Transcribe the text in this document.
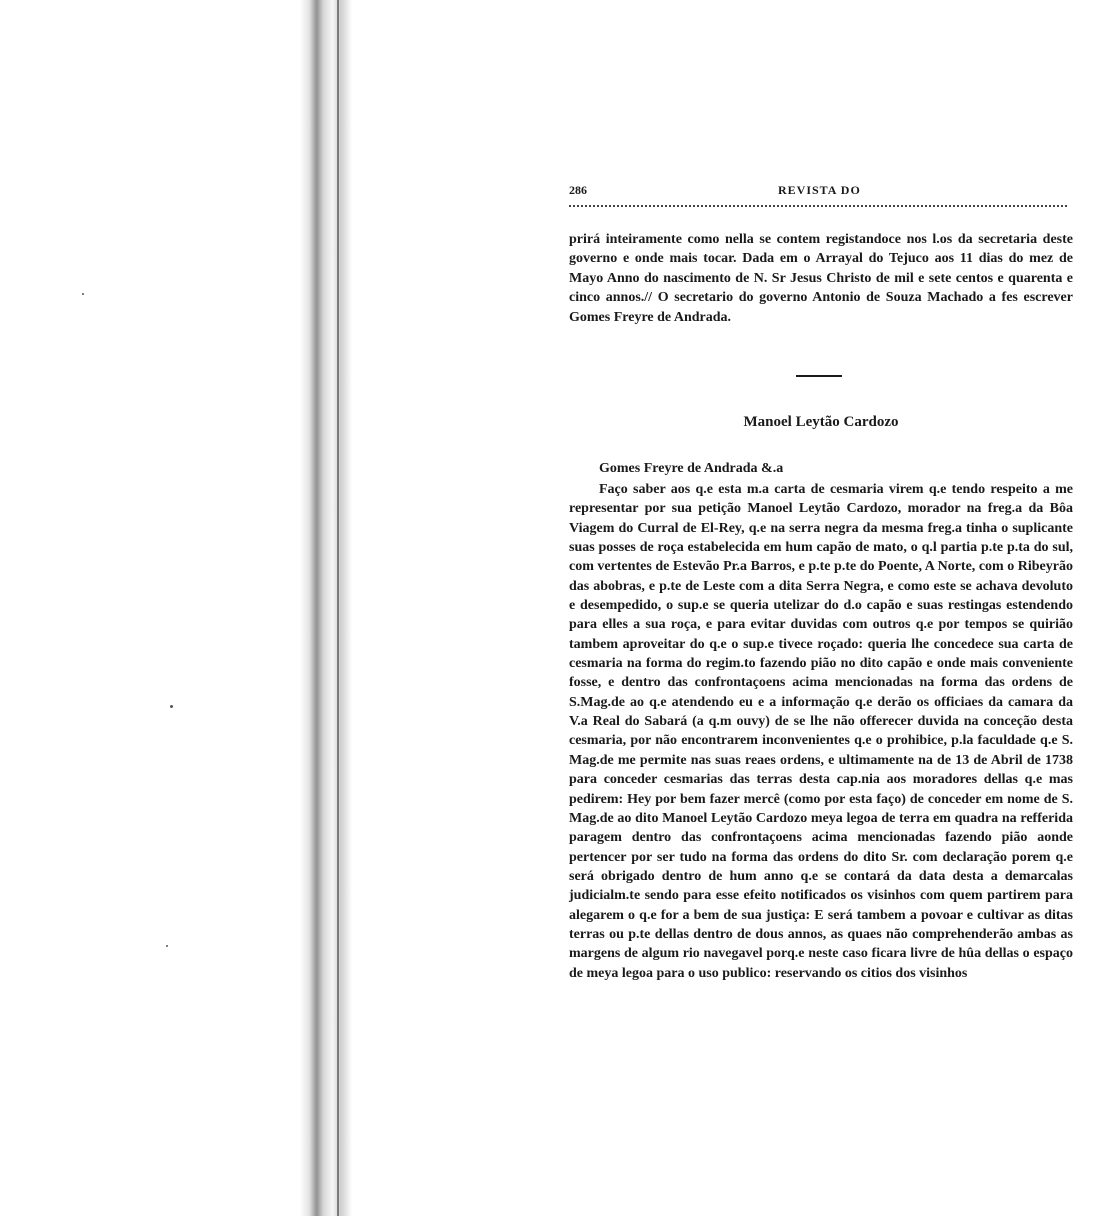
286	REVISTA DO

prirá inteiramente como nella se contem registandoce nos l.os da secretaria deste governo e onde mais tocar. Dada em o Arrayal do Tejuco aos 11 dias do mez de Mayo Anno do nascimento de N. Sr Jesus Christo de mil e sete centos e quarenta e cinco annos.// O secretario do governo Antonio de Souza Machado a fes escrever Gomes Freyre de Andrada.

Manoel Leytão Cardozo
Gomes Freyre de Andrada &.a

Faço saber aos q.e esta m.a carta de cesmaria virem q.e tendo respeito a me representar por sua petição Manoel Leytão Cardozo, morador na freg.a da Bôa Viagem do Curral de El-Rey, q.e na serra negra da mesma freg.a tinha o suplicante suas posses de roça estabelecida em hum capão de mato, o q.l partia p.te p.ta do sul, com vertentes de Estevão Pr.a Barros, e p.te p.te do Poente, A Norte, com o Ribeyrão das abobras, e p.te de Leste com a dita Serra Negra, e como este se achava devoluto e desempedido, o sup.e se queria utelizar do d.o capão e suas restingas estendendo para elles a sua roça, e para evitar duvidas com outros q.e por tempos se quirião tambem aproveitar do q.e o sup.e tivece roçado: queria lhe concedece sua carta de cesmaria na forma do regim.to fazendo pião no dito capão e onde mais conveniente fosse, e dentro das confrontaçoens acima mencionadas na forma das ordens de S.Mag.de ao q.e atendendo eu e a informação q.e derão os officiaes da camara da V.a Real do Sabará (a q.m ouvy) de se lhe não offerecer duvida na conceção desta cesmaria, por não encontrarem inconvenientes q.e o prohibice, p.la faculdade q.e S. Mag.de me permite nas suas reaes ordens, e ultimamente na de 13 de Abril de 1738 para conceder cesmarias das terras desta cap.nia aos moradores dellas q.e mas pedirem: Hey por bem fazer mercê (como por esta faço) de conceder em nome de S. Mag.de ao dito Manoel Leytão Cardozo meya legoa de terra em quadra na refferida paragem dentro das confrontaçoens acima mencionadas fazendo pião aonde pertencer por ser tudo na forma das ordens do dito Sr. com declaração porem q.e será obrigado dentro de hum anno q.e se contará da data desta a demarcalas judicialm.te sendo para esse efeito notificados os visinhos com quem partirem para alegarem o q.e for a bem de sua justiça: E será tambem a povoar e cultivar as ditas terras ou p.te dellas dentro de dous annos, as quaes não comprehenderão ambas as margens de algum rio navegavel porq.e neste caso ficara livre de hûa dellas o espaço de meya legoa para o uso publico: reservando os citios dos visinhos
